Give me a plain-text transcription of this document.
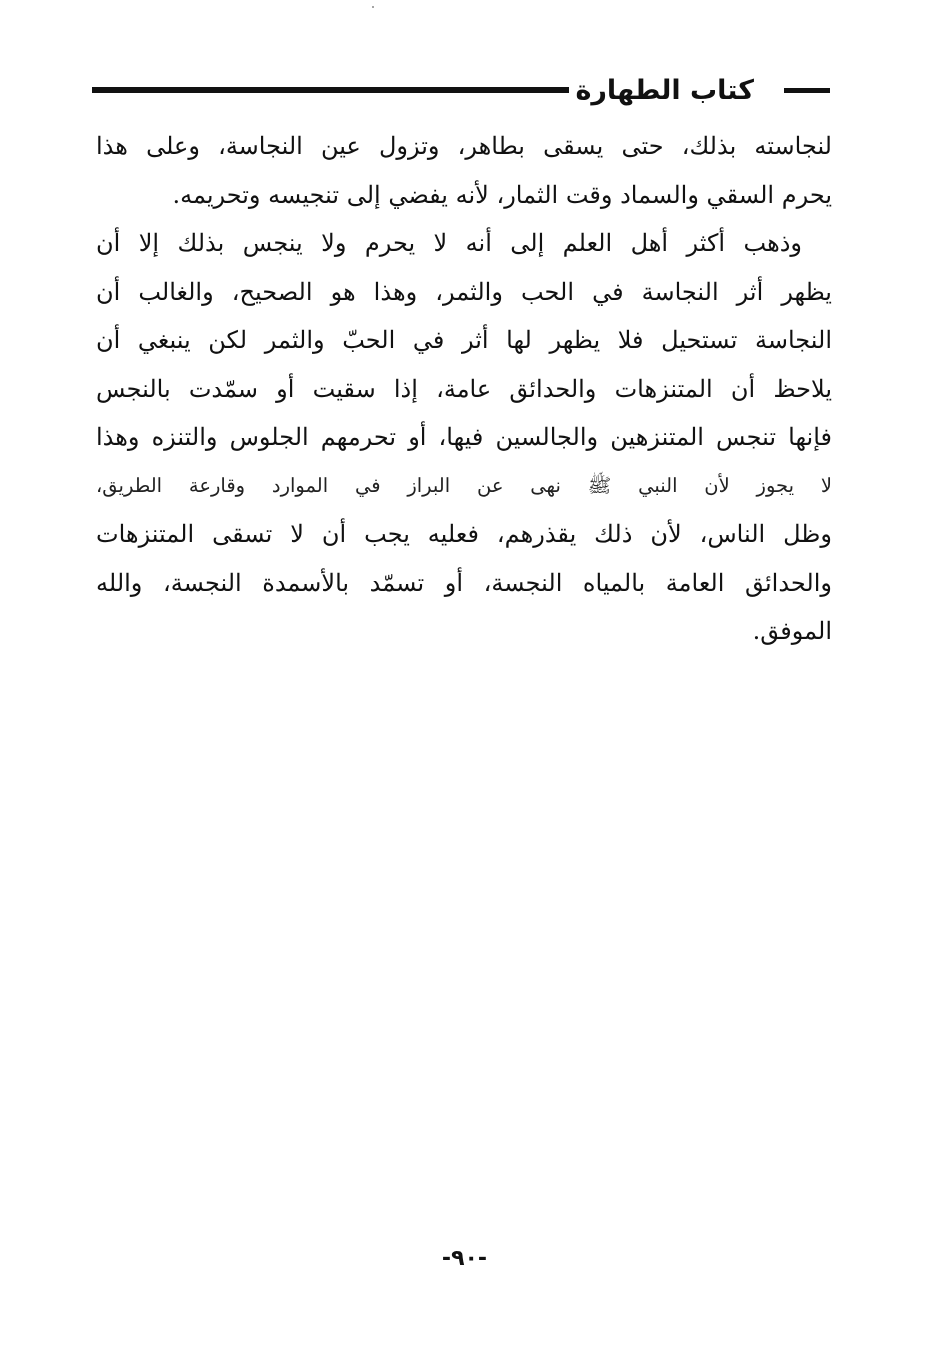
كتاب الطهارة
لنجاسته بذلك، حتى يسقى بطاهر، وتزول عين النجاسة، وعلى هذا
يحرم السقي والسماد وقت الثمار، لأنه يفضي إلى تنجيسه وتحريمه.
وذهب أكثر أهل العلم إلى أنه لا يحرم ولا ينجس بذلك إلا أن
يظهر أثر النجاسة في الحب والثمر، وهذا هو الصحيح، والغالب أن
النجاسة تستحيل فلا يظهر لها أثر في الحبّ والثمر لكن ينبغي أن
يلاحظ أن المتنزهات والحدائق عامة، إذا سقيت أو سمّدت بالنجس
فإنها تنجس المتنزهين والجالسين فيها، أو تحرمهم الجلوس والتنزه وهذا
لا يجوز لأن النبي ﷺ نهى عن البراز في الموارد وقارعة الطريق،
وظل الناس، لأن ذلك يقذرهم، فعليه يجب أن لا تسقى المتنزهات
والحدائق العامة بالمياه النجسة، أو تسمّد بالأسمدة النجسة، والله
الموفق.
-٩٠-
